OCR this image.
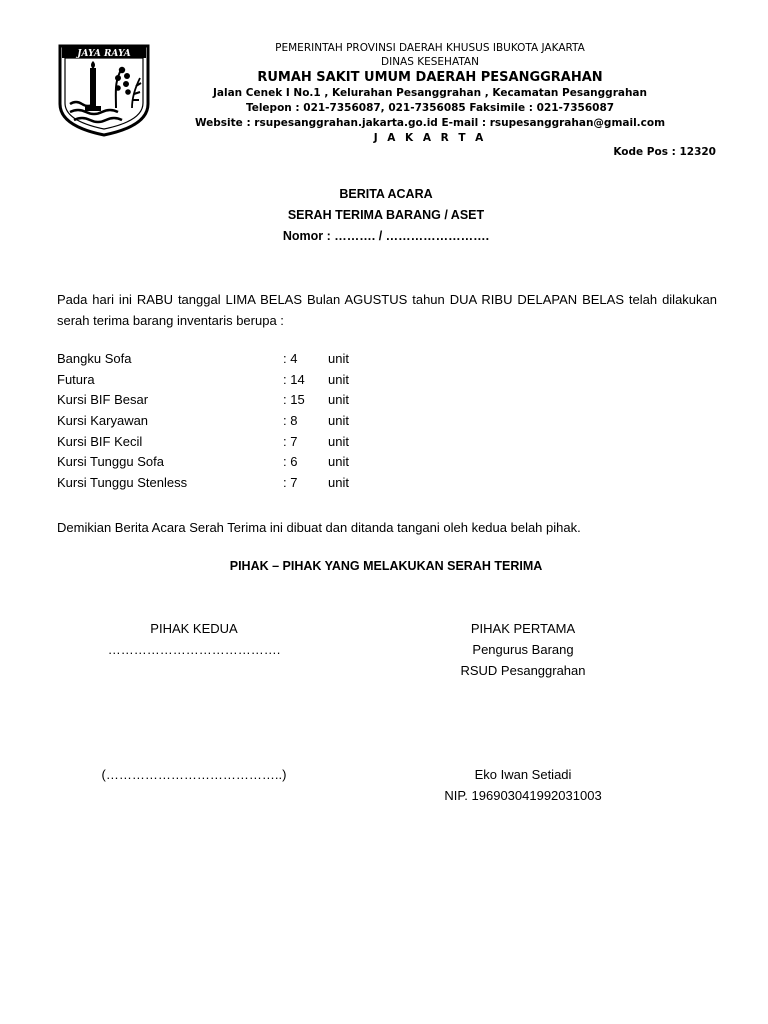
JAYA RAYA	PEMERINTAH PROVINSI DAERAH KHUSUS IBUKOTA JAKARTA
DINAS KESEHATAN
RUMAH SAKIT UMUM DAERAH PESANGGRAHAN
Jalan Cenek I No.1 , Kelurahan Pesanggrahan , Kecamatan Pesanggrahan
Telepon : 021-7356087, 021-7356085 Faksimile : 021-7356087
Website : rsupesanggrahan.jakarta.go.id E-mail : rsupesanggrahan@gmail.com
J A K A R T A
Kode Pos : 12320
BERITA ACARA
SERAH TERIMA BARANG / ASET
Nomor : ………. / …………………….
Pada hari ini RABU tanggal LIMA BELAS Bulan AGUSTUS tahun DUA RIBU DELAPAN BELAS telah dilakukan serah terima barang inventaris berupa :
Bangku Sofa	: 4 unit
Futura	: 14 unit
Kursi BIF Besar	: 15 unit
Kursi Karyawan	: 8 unit
Kursi BIF Kecil	: 7 unit
Kursi Tunggu Sofa	: 6 unit
Kursi Tunggu Stenless	: 7 unit
Demikian Berita Acara Serah Terima ini dibuat dan ditanda tangani oleh kedua belah pihak.
PIHAK – PIHAK YANG MELAKUKAN SERAH TERIMA
PIHAK KEDUA
………………………………….
(…………………………………..)
PIHAK PERTAMA
Pengurus Barang
RSUD Pesanggrahan
Eko Iwan Setiadi
NIP. 196903041992031003
